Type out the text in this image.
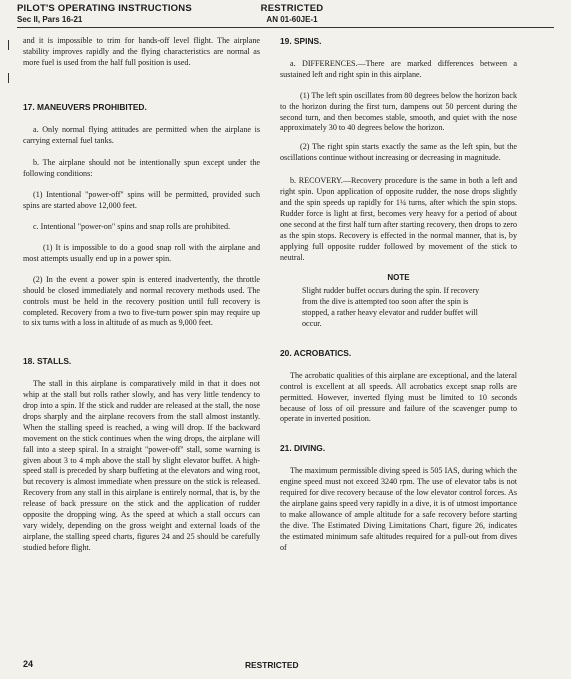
PILOT'S OPERATING INSTRUCTIONS
Sec II, Pars 16-21
RESTRICTED
AN 01-60JE-1

and it is impossible to trim for hands-off level flight. The airplane stability improves rapidly and the flying characteristics are normal as more fuel is used from the half full position is used.

17. MANEUVERS PROHIBITED.

a. Only normal flying attitudes are permitted when the airplane is carrying external fuel tanks.

b. The airplane should not be intentionally spun except under the following conditions:

(1) Intentional "power-off" spins will be permitted, provided such spins are started above 12,000 feet.

c. Intentional "power-on" spins and snap rolls are prohibited.

(1) It is impossible to do a good snap roll with the airplane and most attempts usually end up in a power spin.

(2) In the event a power spin is entered inadvertently, the throttle should be closed immediately and normal recovery methods used. The controls must be held in the recovery position until full recovery is completed. Recovery from a two to five-turn power spin may require up to six turns with a loss in altitude of as much as 9,000 feet.

18. STALLS.

The stall in this airplane is comparatively mild in that it does not whip at the stall but rolls rather slowly, and has very little tendency to drop into a spin. If the stick and rudder are released at the stall, the nose drops sharply and the airplane recovers from the stall almost instantly. When the stalling speed is reached, a wing will drop. If the backward movement on the stick continues when the wing drops, the airplane will fall into a steep spiral. In a straight "power-off" stall, some warning is given about 3 to 4 mph above the stall by slight elevator buffet. A high-speed stall is preceded by sharp buffeting at the elevators and wing root, but recovery is almost immediate when pressure on the stick is released. Recovery from any stall in this airplane is entirely normal, that is, by the release of back pressure on the stick and the application of rudder opposite the dropping wing. As the speed at which a stall occurs can vary widely, depending on the gross weight and external loads of the airplane, the stalling speed charts, figures 24 and 25 should be carefully studied before flight.

19. SPINS.

a. DIFFERENCES.—There are marked differences between a sustained left and right spin in this airplane.

(1) The left spin oscillates from 80 degrees below the horizon back to the horizon during the first turn, dampens out 50 percent during the second turn, and then becomes stable, smooth, and quiet with the nose approximately 30 to 40 degrees below the horizon.

(2) The right spin starts exactly the same as the left spin, but the oscillations continue without increasing or decreasing in magnitude.

b. RECOVERY.—Recovery procedure is the same in both a left and right spin. Upon application of opposite rudder, the nose drops slightly and the spin speeds up rapidly for 1¼ turns, after which the spin stops. Rudder force is light at first, becomes very heavy for a period of about one second at the first half turn after starting recovery, then drops to zero as the spin stops. Recovery is effected in the normal manner, that is, by applying full opposite rudder followed by movement of the stick to neutral.

NOTE

Slight rudder buffet occurs during the spin. If recovery from the dive is attempted too soon after the spin is stopped, a rather heavy elevator and rudder buffet will occur.

20. ACROBATICS.

The acrobatic qualities of this airplane are exceptional, and the lateral control is excellent at all speeds. All acrobatics except snap rolls are permitted. However, inverted flying must be limited to 10 seconds because of loss of oil pressure and failure of the scavenger pump to operate in inverted position.

21. DIVING.

The maximum permissible diving speed is 505 IAS, during which the engine speed must not exceed 3240 rpm. The use of elevator tabs is not required for dive recovery because of the low elevator control forces. As the airplane gains speed very rapidly in a dive, it is of utmost importance to make allowance of ample altitude for a safe recovery before starting the dive. The Estimated Diving Limitations Chart, figure 26, indicates the estimated minimum safe altitudes required for a pull-out from dives of

24	RESTRICTED
